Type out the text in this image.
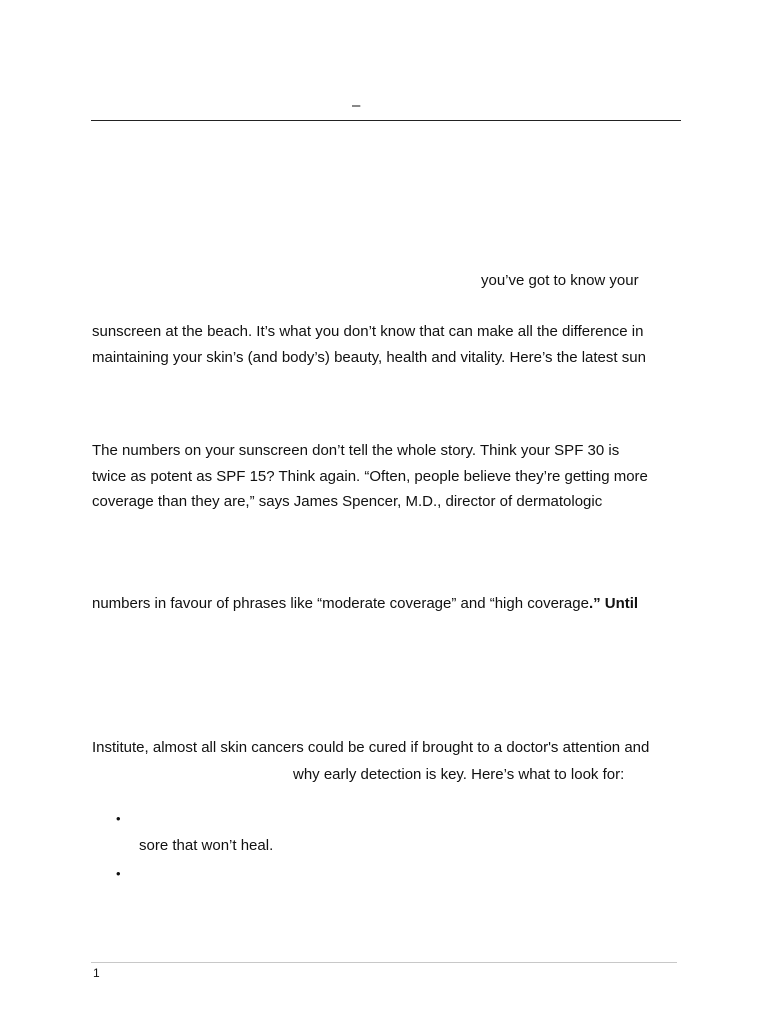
–
you’ve got to know your
sunscreen at the beach. It’s what you don’t know that can make all the difference in
maintaining your skin’s (and body’s) beauty, health and vitality. Here’s the latest sun
The numbers on your sunscreen don’t tell the whole story. Think your SPF 30 is
twice as potent as SPF 15? Think again. “Often, people believe they’re getting more
coverage than they are,” says James Spencer, M.D., director of dermatologic
numbers in favour of phrases like “moderate coverage” and “high coverage.” Until
Institute, almost all skin cancers could be cured if brought to a doctor's attention and
why early detection is key. Here’s what to look for:
•
sore that won’t heal.
•
1
